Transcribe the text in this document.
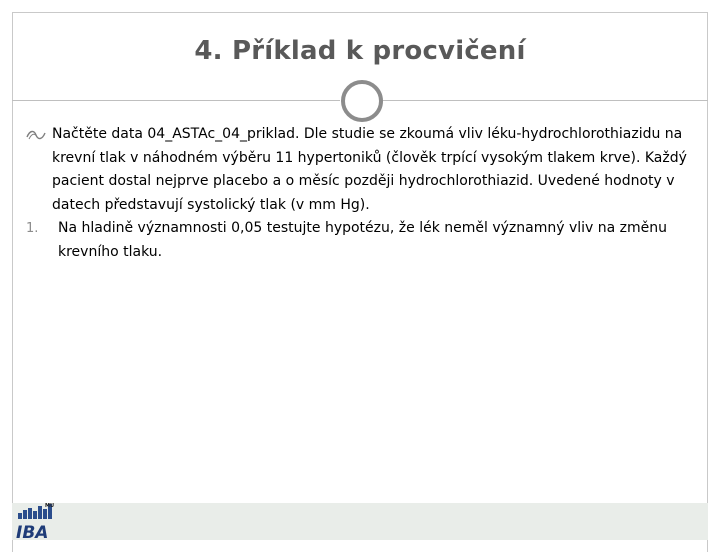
4. Příklad k procvičení
Načtěte data 04_ASTAc_04_priklad. Dle studie se zkoumá vliv léku-hydrochlorothiazidu na krevní tlak v náhodném výběru 11 hypertoniků (člověk trpící vysokým tlakem krve). Každý pacient dostal nejprve placebo a o měsíc později hydrochlorothiazid. Uvedené hodnoty v datech představují systolický tlak (v mm Hg).
1. Na hladině významnosti 0,05 testujte hypotézu, že lék neměl významný vliv na změnu krevního tlaku.
MU
IBA
